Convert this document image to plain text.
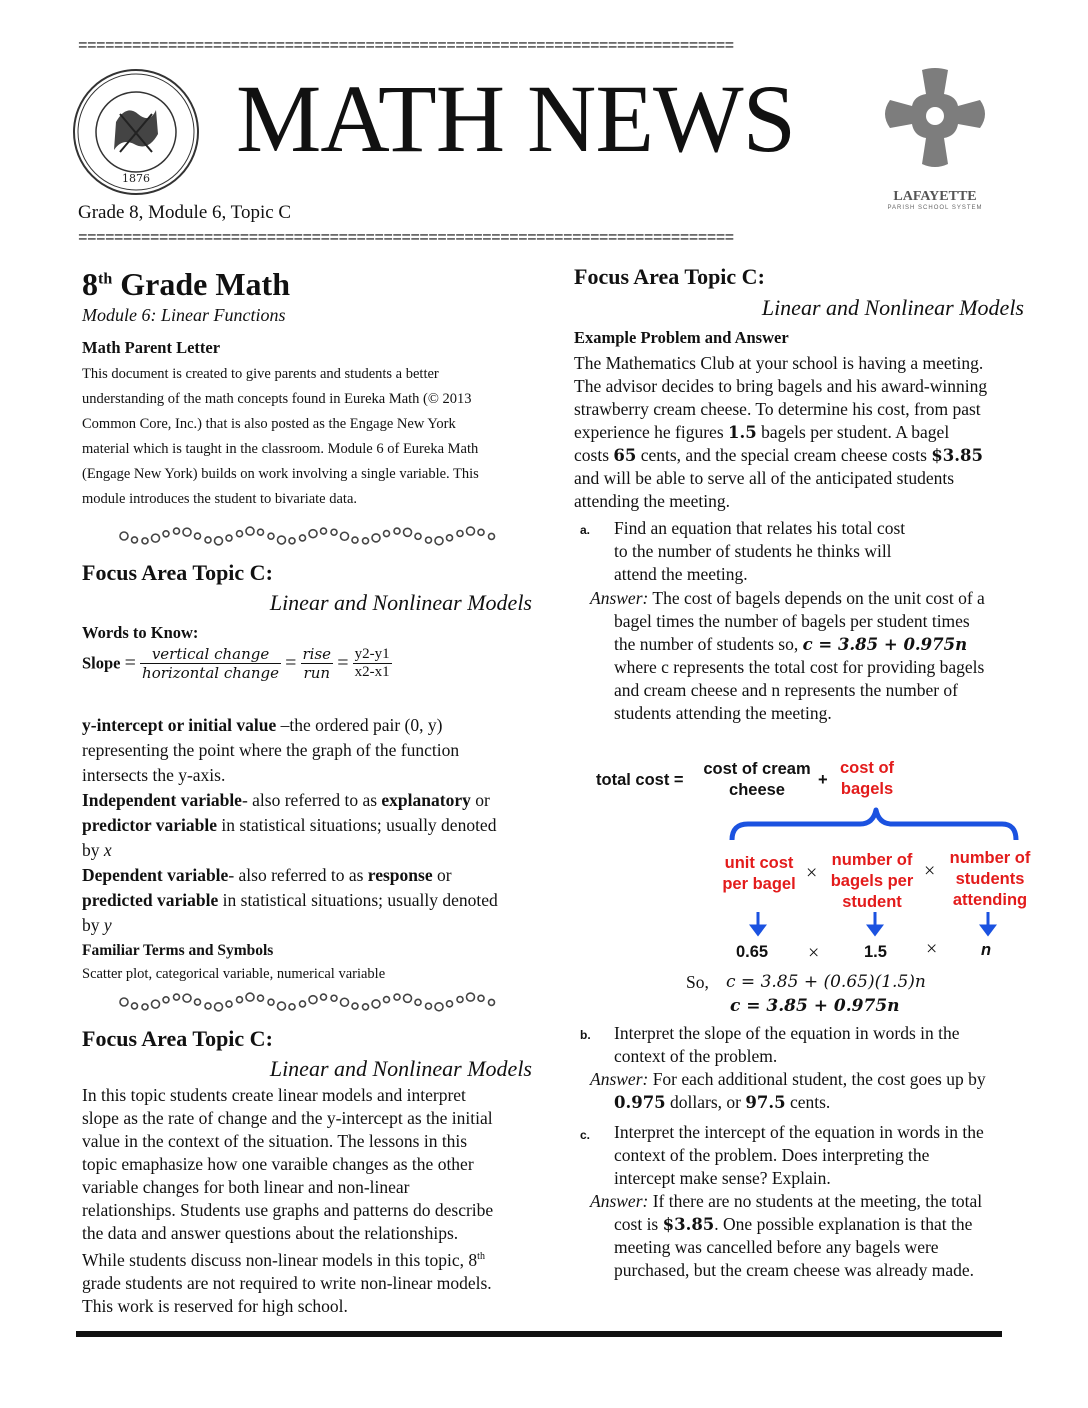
=========================================================================
1876
MATH NEWS
LAFAYETTE
PARISH SCHOOL SYSTEM
Grade 8, Module 6, Topic C
=========================================================================
8th Grade Math
Module 6: Linear Functions
Math Parent Letter
This document is created to give parents and students a better
understanding of the math concepts found in Eureka Math (© 2013
Common Core, Inc.) that is also posted as the Engage New York
material which is taught in the classroom. Module 6 of Eureka Math
(Engage New York) builds on work involving a single variable. This
module introduces the student to bivariate data.
Focus Area Topic C:
Linear and Nonlinear Models
Words to Know:
Slope = $\frac{\text{vertical change}}{\text{horizontal change}} = \frac{\text{rise}}{\text{run}} = \frac{y2-y1}{x2-x1}$
y-intercept or initial value –the ordered pair (0, y)
representing the point where the graph of the function
intersects the y-axis.
Independent variable- also referred to as explanatory or
predictor variable in statistical situations; usually denoted
by x
Dependent variable- also referred to as response or
predicted variable in statistical situations; usually denoted
by y
Familiar Terms and Symbols
Scatter plot, categorical variable, numerical variable
Focus Area Topic C:
Linear and Nonlinear Models
In this topic students create linear models and interpret
slope as the rate of change and the y-intercept as the initial
value in the context of the situation. The lessons in this
topic emaphasize how one varaible changes as the other
variable changes for both linear and non-linear
relationships. Students use graphs and patterns do describe
the data and answer questions about the relationships.
While students discuss non-linear models in this topic, 8th
grade students are not required to write non-linear models.
This work is reserved for high school.
Focus Area Topic C:
Linear and Nonlinear Models
Example Problem and Answer
The Mathematics Club at your school is having a meeting.
The advisor decides to bring bagels and his award-winning
strawberry cream cheese. To determine his cost, from past
experience he figures 1.5 bagels per student. A bagel
costs 65 cents, and the special cream cheese costs $3.85
and will be able to serve all of the anticipated students
attending the meeting.
a. Find an equation that relates his total cost
to the number of students he thinks will
attend the meeting.
Answer: The cost of bagels depends on the unit cost of a
bagel times the number of bagels per student times
the number of students so, c = 3.85 + 0.975n
where c represents the total cost for providing bagels
and cream cheese and n represents the number of
students attending the meeting.
total cost =
cost of cream
cheese
+
cost of
bagels
unit cost
per bagel ×
number of
bagels per
student
×
number of
students
attending
0.65 ×	1.5 ×	n
So, c = 3.85 + (0.65)(1.5)n
c = 3.85 + 0.975n
b. Interpret the slope of the equation in words in the
context of the problem.
Answer: For each additional student, the cost goes up by
0.975 dollars, or 97.5 cents.
c. Interpret the intercept of the equation in words in the
context of the problem. Does interpreting the
intercept make sense? Explain.
Answer: If there are no students at the meeting, the total
cost is $3.85. One possible explanation is that the
meeting was cancelled before any bagels were
purchased, but the cream cheese was already made.
